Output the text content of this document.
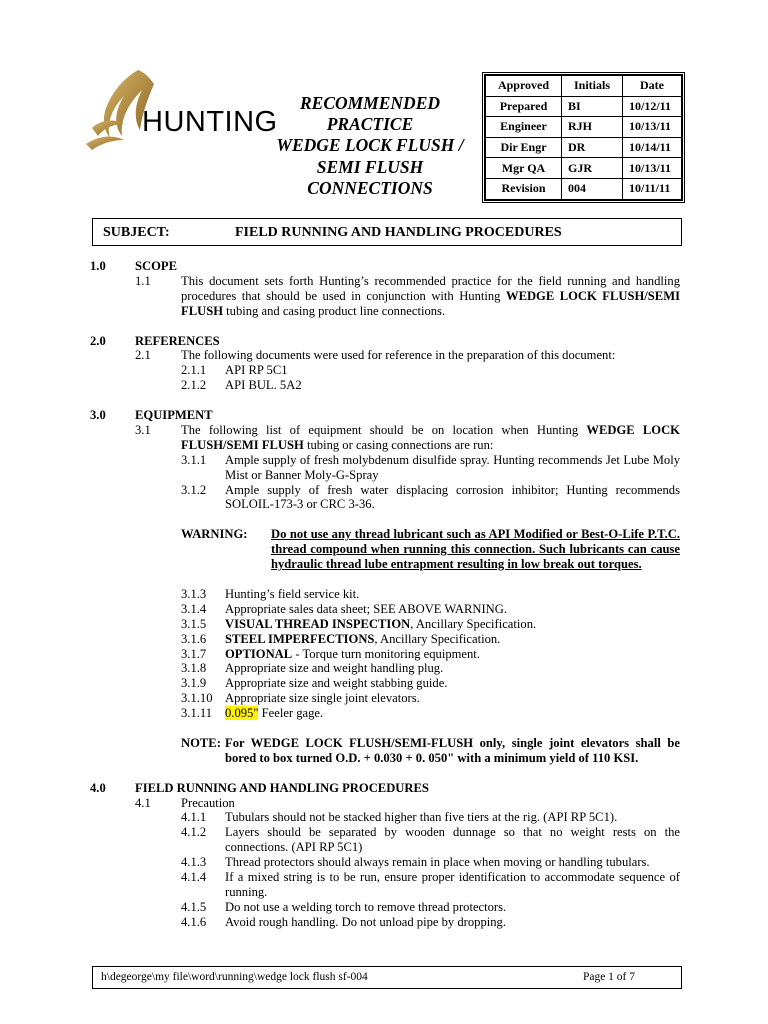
HUNTING
RECOMMENDED
PRACTICE
WEDGE LOCK FLUSH /
SEMI FLUSH
CONNECTIONS
Approved	Initials	Date
Prepared	BI	10/12/11
Engineer	RJH	10/13/11
Dir Engr	DR	10/14/11
Mgr QA	GJR	10/13/11
Revision	004	10/11/11
SUBJECT:	FIELD RUNNING AND HANDLING PROCEDURES
1.0	SCOPE
1.1	This document sets forth Hunting’s recommended practice for the field running and handling procedures that should be used in conjunction with Hunting WEDGE LOCK FLUSH/SEMI FLUSH tubing and casing product line connections.
2.0	REFERENCES
2.1	The following documents were used for reference in the preparation of this document:
2.1.1	API RP 5C1
2.1.2	API BUL. 5A2
3.0	EQUIPMENT
3.1	The following list of equipment should be on location when Hunting WEDGE LOCK FLUSH/SEMI FLUSH tubing or casing connections are run:
3.1.1	Ample supply of fresh molybdenum disulfide spray. Hunting recommends Jet Lube Moly Mist or Banner Moly-G-Spray
3.1.2	Ample supply of fresh water displacing corrosion inhibitor; Hunting recommends SOLOIL-173-3 or CRC 3-36.
WARNING:	Do not use any thread lubricant such as API Modified or Best-O-Life P.T.C. thread compound when running this connection. Such lubricants can cause hydraulic thread lube entrapment resulting in low break out torques.
3.1.3	Hunting’s field service kit.
3.1.4	Appropriate sales data sheet; SEE ABOVE WARNING.
3.1.5	VISUAL THREAD INSPECTION, Ancillary Specification.
3.1.6	STEEL IMPERFECTIONS, Ancillary Specification.
3.1.7	OPTIONAL - Torque turn monitoring equipment.
3.1.8	Appropriate size and weight handling plug.
3.1.9	Appropriate size and weight stabbing guide.
3.1.10 Appropriate size single joint elevators.
3.1.11	0.095" Feeler gage.
NOTE: For WEDGE LOCK FLUSH/SEMI-FLUSH only, single joint elevators shall be bored to box turned O.D. + 0.030 + 0. 050" with a minimum yield of 110 KSI.
4.0	FIELD RUNNING AND HANDLING PROCEDURES
4.1	Precaution
4.1.1	Tubulars should not be stacked higher than five tiers at the rig. (API RP 5C1).
4.1.2	Layers should be separated by wooden dunnage so that no weight rests on the connections. (API RP 5C1)
4.1.3	Thread protectors should always remain in place when moving or handling tubulars.
4.1.4	If a mixed string is to be run, ensure proper identification to accommodate sequence of running.
4.1.5	Do not use a welding torch to remove thread protectors.
4.1.6	Avoid rough handling. Do not unload pipe by dropping.
h\degeorge\my file\word\running\wedge lock flush sf-004	Page 1 of 7
